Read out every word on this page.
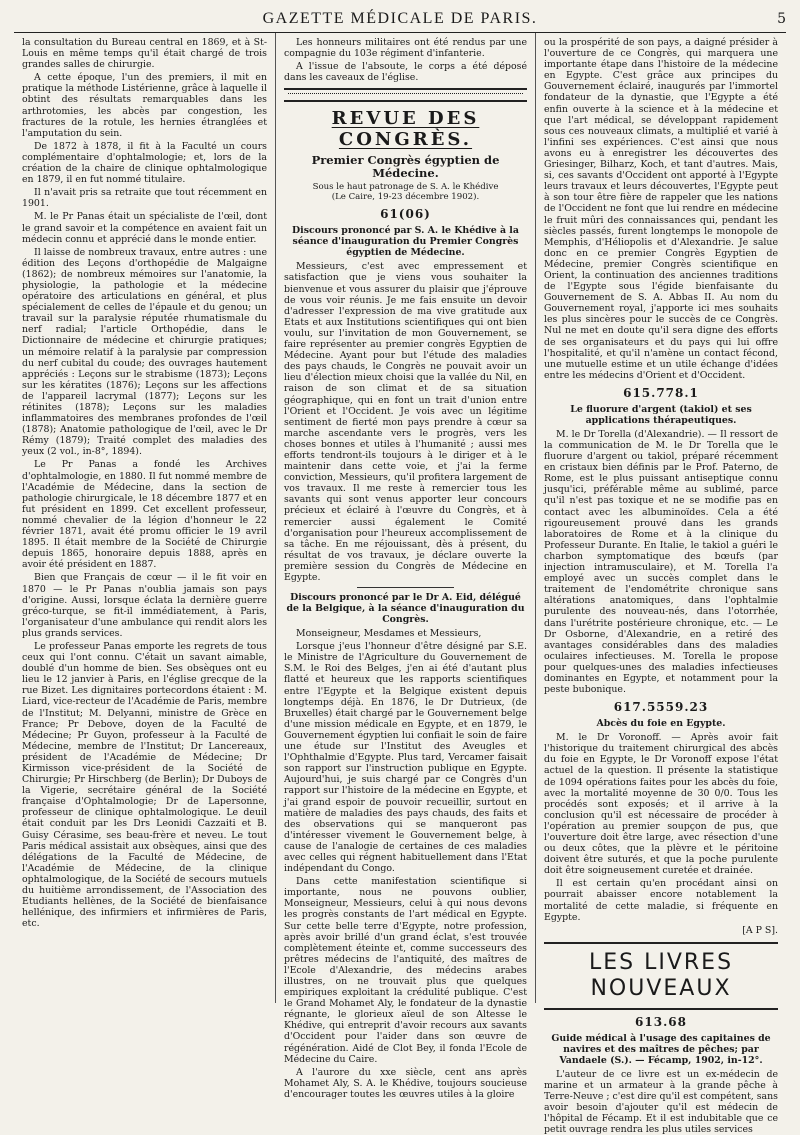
GAZETTE MÉDICALE DE PARIS.	5

la consultation du Bureau central en 1869, et à St-Louis en même temps qu'il était chargé de trois grandes salles de chirurgie.

A cette époque, l'un des premiers, il mit en pratique la méthode Listérienne, grâce à laquelle il obtint des résultats remarquables dans les arthrotomies, les abcès par congestion, les fractures de la rotule, les hernies étranglées et l'amputation du sein.

De 1872 à 1878, il fit à la Faculté un cours complémentaire d'ophtalmologie; et, lors de la création de la chaire de clinique ophtalmologique en 1879, il en fut nommé titulaire.

Il n'avait pris sa retraite que tout récemment en 1901.

M. le Pr Panas était un spécialiste de l'œil, dont le grand savoir et la compétence en avaient fait un médecin connu et apprécié dans le monde entier.

Il laisse de nombreux travaux, entre autres : une édition des Leçons d'orthopédie de Malgaigne (1862); de nombreux mémoires sur l'anatomie, la physiologie, la pathologie et la médecine opératoire des articulations en général, et plus spécialement de celles de l'épaule et du genou; un travail sur la paralysie réputée rhumatismale du nerf radial; l'article Orthopédie, dans le Dictionnaire de médecine et chirurgie pratiques; un mémoire relatif à la paralysie par compression du nerf cubital du coude; des ouvrages hautement appréciés : Leçons sur le strabisme (1873); Leçons sur les kératites (1876); Leçons sur les affections de l'appareil lacrymal (1877); Leçons sur les rétinites (1878); Leçons sur les maladies inflammatoires des membranes profondes de l'œil (1878); Anatomie pathologique de l'œil, avec le Dr Rémy (1879); Traité complet des maladies des yeux (2 vol., in-8°, 1894).

Le Pr Panas a fondé les Archives d'ophtalmologie, en 1880. Il fut nommé membre de l'Académie de Médecine, dans la section de pathologie chirurgicale, le 18 décembre 1877 et en fut président en 1899. Cet excellent professeur, nommé chevalier de la légion d'honneur le 22 février 1871, avait été promu officier le 19 avril 1895. Il était membre de la Société de Chirurgie depuis 1865, honoraire depuis 1888, après en avoir été président en 1887.

Bien que Français de cœur — il le fit voir en 1870 — le Pr Panas n'oublia jamais son pays d'origine. Aussi, lorsque éclata la dernière guerre gréco-turque, se fit-il immédiatement, à Paris, l'organisateur d'une ambulance qui rendit alors les plus grands services.

Le professeur Panas emporte les regrets de tous ceux qui l'ont connu. C'était un savant aimable, doublé d'un homme de bien. Ses obsèques ont eu lieu le 12 janvier à Paris, en l'église grecque de la rue Bizet. Les dignitaires portecordons étaient : M. Liard, vice-recteur de l'Académie de Paris, membre de l'Institut; M. Delyanni, ministre de Grèce en France; Pr Debove, doyen de la Faculté de Médecine; Pr Guyon, professeur à la Faculté de Médecine, membre de l'Institut; Dr Lancereaux, président de l'Académie de Médecine; Dr Kirmisson vice-président de la Société de Chirurgie; Pr Hirschberg (de Berlin); Dr Duboys de la Vigerie, secrétaire général de la Société française d'Ophtalmologie; Dr de Lapersonne, professeur de clinique ophtalmologique. Le deuil était conduit par les Drs Leonidi Cazzaiti et B. Guisy Cérasime, ses beau-frère et neveu. Le tout Paris médical assistait aux obsèques, ainsi que des délégations de la Faculté de Médecine, de l'Académie de Médecine, de la clinique ophtalmologique, de la Société de secours mutuels du huitième arrondissement, de l'Association des Etudiants hellènes, de la Société de bienfaisance hellénique, des infirmiers et infirmières de Paris, etc.

Les honneurs militaires ont été rendus par une compagnie du 103e régiment d'infanterie.

A l'issue de l'absoute, le corps a été déposé dans les caveaux de l'église.

REVUE DES CONGRÈS.
Premier Congrès égyptien de Médecine.
Sous le haut patronage de S. A. le Khédive
(Le Caire, 19-23 décembre 1902).
61(06)
Discours prononcé par S. A. le Khédive à la séance d'inauguration du Premier Congrès égyptien de Médecine.

Messieurs, c'est avec empressement et satisfaction que je viens vous souhaiter la bienvenue et vous assurer du plaisir que j'éprouve de vous voir réunis. Je me fais ensuite un devoir d'adresser l'expression de ma vive gratitude aux Etats et aux Institutions scientifiques qui ont bien voulu, sur l'invitation de mon Gouvernement, se faire représenter au premier congrès Egyptien de Médecine. Ayant pour but l'étude des maladies des pays chauds, le Congrès ne pouvait avoir un lieu d'élection mieux choisi que la vallée du Nil, en raison de son climat et de sa situation géographique, qui en font un trait d'union entre l'Orient et l'Occident. Je vois avec un légitime sentiment de fierté mon pays prendre à cœur sa marche ascendante vers le progrès, vers les choses bonnes et utiles à l'humanité ; aussi mes efforts tendront-ils toujours à le diriger et à le maintenir dans cette voie, et j'ai la ferme conviction, Messieurs, qu'il profitera largement de vos travaux. Il me reste à remercier tous les savants qui sont venus apporter leur concours précieux et éclairé à l'œuvre du Congrès, et à remercier aussi également le Comité d'organisation pour l'heureux accomplissement de sa tâche. En me réjouissant, dès à présent, du résultat de vos travaux, je déclare ouverte la première session du Congrès de Médecine en Egypte.

Discours prononcé par le Dr A. Eid, délégué de la Belgique, à la séance d'inauguration du Congrès.

Monseigneur, Mesdames et Messieurs,

Lorsque j'eus l'honneur d'être désigné par S.E. le Ministre de l'Agriculture du Gouvernement de S.M. le Roi des Belges, j'en ai été d'autant plus flatté et heureux que les rapports scientifiques entre l'Egypte et la Belgique existent depuis longtemps déjà. En 1876, le Dr Dutrieux, (de Bruxelles) était chargé par le Gouvernement belge d'une mission médicale en Egypte, et en 1879, le Gouvernement égyptien lui confiait le soin de faire une étude sur l'Institut des Aveugles et l'Ophthalmie d'Egypte. Plus tard, Vercamer faisait son rapport sur l'instruction publique en Egypte. Aujourd'hui, je suis chargé par ce Congrès d'un rapport sur l'histoire de la médecine en Egypte, et j'ai grand espoir de pouvoir recueillir, surtout en matière de maladies des pays chauds, des faits et des observations qui se manqueront pas d'intéresser vivement le Gouvernement belge, à cause de l'analogie de certaines de ces maladies avec celles qui régnent habituellement dans l'Etat indépendant du Congo.

Dans cette manifestation scientifique si importante, nous ne pouvons oublier, Monseigneur, Messieurs, celui à qui nous devons les progrès constants de l'art médical en Egypte. Sur cette belle terre d'Egypte, notre profession, après avoir brillé d'un grand éclat, s'est trouvée complètement éteinte et, comme successeurs des prêtres médecins de l'antiquité, des maîtres de l'Ecole d'Alexandrie, des médecins arabes illustres, on ne trouvait plus que quelques empiriques exploitant la crédulité publique. C'est le Grand Mohamet Aly, le fondateur de la dynastie régnante, le glorieux aïeul de son Altesse le Khédive, qui entreprit d'avoir recours aux savants d'Occident pour l'aider dans son œuvre de régénération. Aidé de Clot Bey, il fonda l'Ecole de Médecine du Caire.

A l'aurore du xxe siècle, cent ans après Mohamet Aly, S. A. le Khédive, toujours soucieuse d'encourager toutes les œuvres utiles à la gloire

ou la prospérité de son pays, a daigné présider à l'ouverture de ce Congrès, qui marquera une importante étape dans l'histoire de la médecine en Egypte. C'est grâce aux principes du Gouvernement éclairé, inaugurés par l'immortel fondateur de la dynastie, que l'Egypte a été enfin ouverte à la science et à la médecine et que l'art médical, se développant rapidement sous ces nouveaux climats, a multiplié et varié à l'infini ses expériences. C'est ainsi que nous avons eu à enregistrer les découvertes des Griesinger, Bilharz, Koch, et tant d'autres. Mais, si, ces savants d'Occident ont apporté à l'Egypte leurs travaux et leurs découvertes, l'Egypte peut à son tour être fière de rappeler que les nations de l'Occident ne font que lui rendre en médecine le fruit mûri des connaissances qui, pendant les siècles passés, furent longtemps le monopole de Memphis, d'Héliopolis et d'Alexandrie. Je salue donc en ce premier Congrès Egyptien de Médecine, premier Congrès scientifique en Orient, la continuation des anciennes traditions de l'Egypte sous l'égide bienfaisante du Gouvernement de S. A. Abbas II. Au nom du Gouvernement royal, j'apporte ici mes souhaits les plus sincères pour le succès de ce Congrès. Nul ne met en doute qu'il sera digne des efforts de ses organisateurs et du pays qui lui offre l'hospitalité, et qu'il n'amène un contact fécond, une mutuelle estime et un utile échange d'idées entre les médecins d'Orient et d'Occident.

615.778.1
Le fluorure d'argent (takiol) et ses applications thérapeutiques.

M. le Dr Torella (d'Alexandrie). — Il ressort de la communication de M. le Dr Torella que le fluorure d'argent ou takiol, préparé récemment en cristaux bien définis par le Prof. Paterno, de Rome, est le plus puissant antiseptique connu jusqu'ici, préférable même au sublimé, parce qu'il n'est pas toxique et ne se modifie pas en contact avec les albuminoïdes. Cela a été rigoureusement prouvé dans les grands laboratoires de Rome et à la clinique du Professeur Durante. En Italie, le takiol a guéri le charbon symptomatique des bœufs (par injection intramusculaire), et M. Torella l'a employé avec un succès complet dans le traitement de l'endométrite chronique sans altérations anatomiques, dans l'ophtalmie purulente des nouveau-nés, dans l'otorrhée, dans l'urétrite postérieure chronique, etc. — Le Dr Osborne, d'Alexandrie, en a retiré des avantages considérables dans des maladies oculaires infectieuses. M. Torella le propose pour quelques-unes des maladies infectieuses dominantes en Egypte, et notamment pour la peste bubonique.

617.5559.23
Abcès du foie en Egypte.

M. le Dr Voronoff. — Après avoir fait l'historique du traitement chirurgical des abcès du foie en Egypte, le Dr Voronoff expose l'état actuel de la question. Il présente la statistique de 1094 opérations faites pour les abcès du foie, avec la mortalité moyenne de 30 0/0. Tous les procédés sont exposés; et il arrive à la conclusion qu'il est nécessaire de procéder à l'opération au premier soupçon de pus, que l'ouverture doit être large, avec résection d'une ou deux côtes, que la plèvre et le péritoine doivent être suturés, et que la poche purulente doit être soigneusement curetée et drainée.

Il est certain qu'en procédant ainsi on pourrait abaisser encore notablement la mortalité de cette maladie, si fréquente en Egypte.

[A P S].
LES LIVRES
NOUVEAUX
613.68
Guide médical à l'usage des capitaines de navires et des maîtres de pêches; par Vandaele (S.). — Fécamp, 1902, in-12°.

L'auteur de ce livre est un ex-médecin de marine et un armateur à la grande pêche à Terre-Neuve ; c'est dire qu'il est compétent, sans avoir besoin d'ajouter qu'il est médecin de l'hôpital de Fécamp. Et il est indubitable que ce petit ouvrage rendra les plus utiles services
